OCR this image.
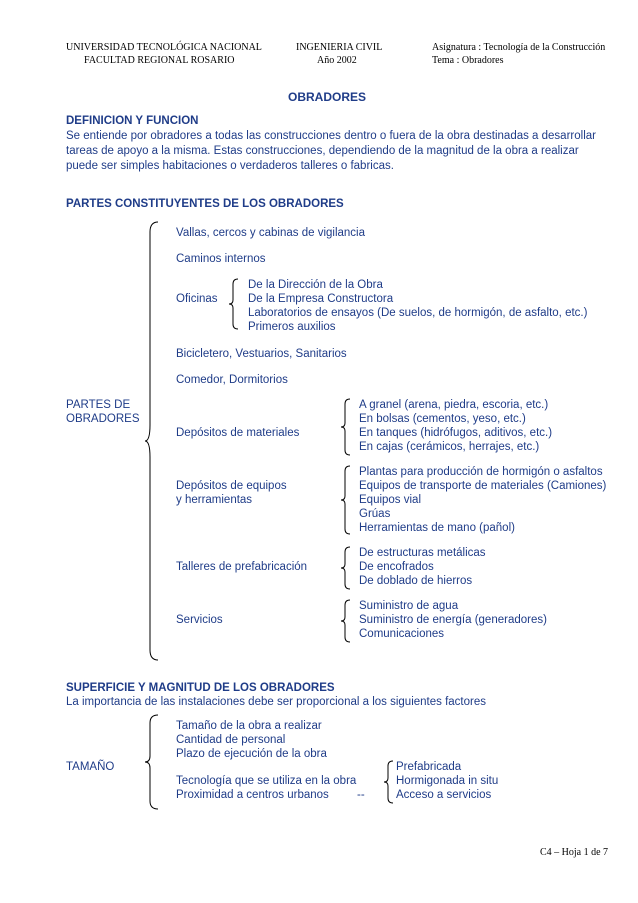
UNIVERSIDAD TECNOLÓGICA NACIONAL
FACULTAD REGIONAL ROSARIO
INGENIERIA CIVIL
Año 2002
Asignatura : Tecnología de la Construcción
Tema : Obradores
OBRADORES
DEFINICION Y FUNCION
Se entiende por obradores a todas las construcciones dentro o fuera de la obra destinadas a desarrollar
tareas de apoyo a la misma. Estas construcciones, dependiendo de la magnitud de la obra a realizar
puede ser simples habitaciones o verdaderos talleres o fabricas.
PARTES CONSTITUYENTES DE LOS OBRADORES
PARTES DE
OBRADORES
Vallas, cercos y cabinas de vigilancia
Caminos internos
Oficinas
De la Dirección de la Obra
De la Empresa Constructora
Laboratorios de ensayos (De suelos, de hormigón, de asfalto, etc.)
Primeros auxilios
Bicicletero, Vestuarios, Sanitarios
Comedor, Dormitorios
Depósitos de materiales
A granel (arena, piedra, escoria, etc.)
En bolsas (cementos, yeso, etc.)
En tanques (hidrófugos, aditivos, etc.)
En cajas (cerámicos, herrajes, etc.)
Depósitos de equipos
y herramientas
Plantas para producción de hormigón o asfaltos
Equipos de transporte de materiales (Camiones)
Equipos vial
Grúas
Herramientas de mano (pañol)
Talleres de prefabricación
De estructuras metálicas
De encofrados
De doblado de hierros
Servicios
Suministro de agua
Suministro de energía (generadores)
Comunicaciones
SUPERFICIE Y MAGNITUD DE LOS OBRADORES
La importancia de las instalaciones debe ser proporcional a los siguientes factores
TAMAÑO
Tamaño de la obra a realizar
Cantidad de personal
Plazo de ejecución de la obra
Tecnología que se utiliza en la obra
Proximidad a centros urbanos --
Prefabricada
Hormigonada in situ
Acceso a servicios
C4 – Hoja 1 de 7
